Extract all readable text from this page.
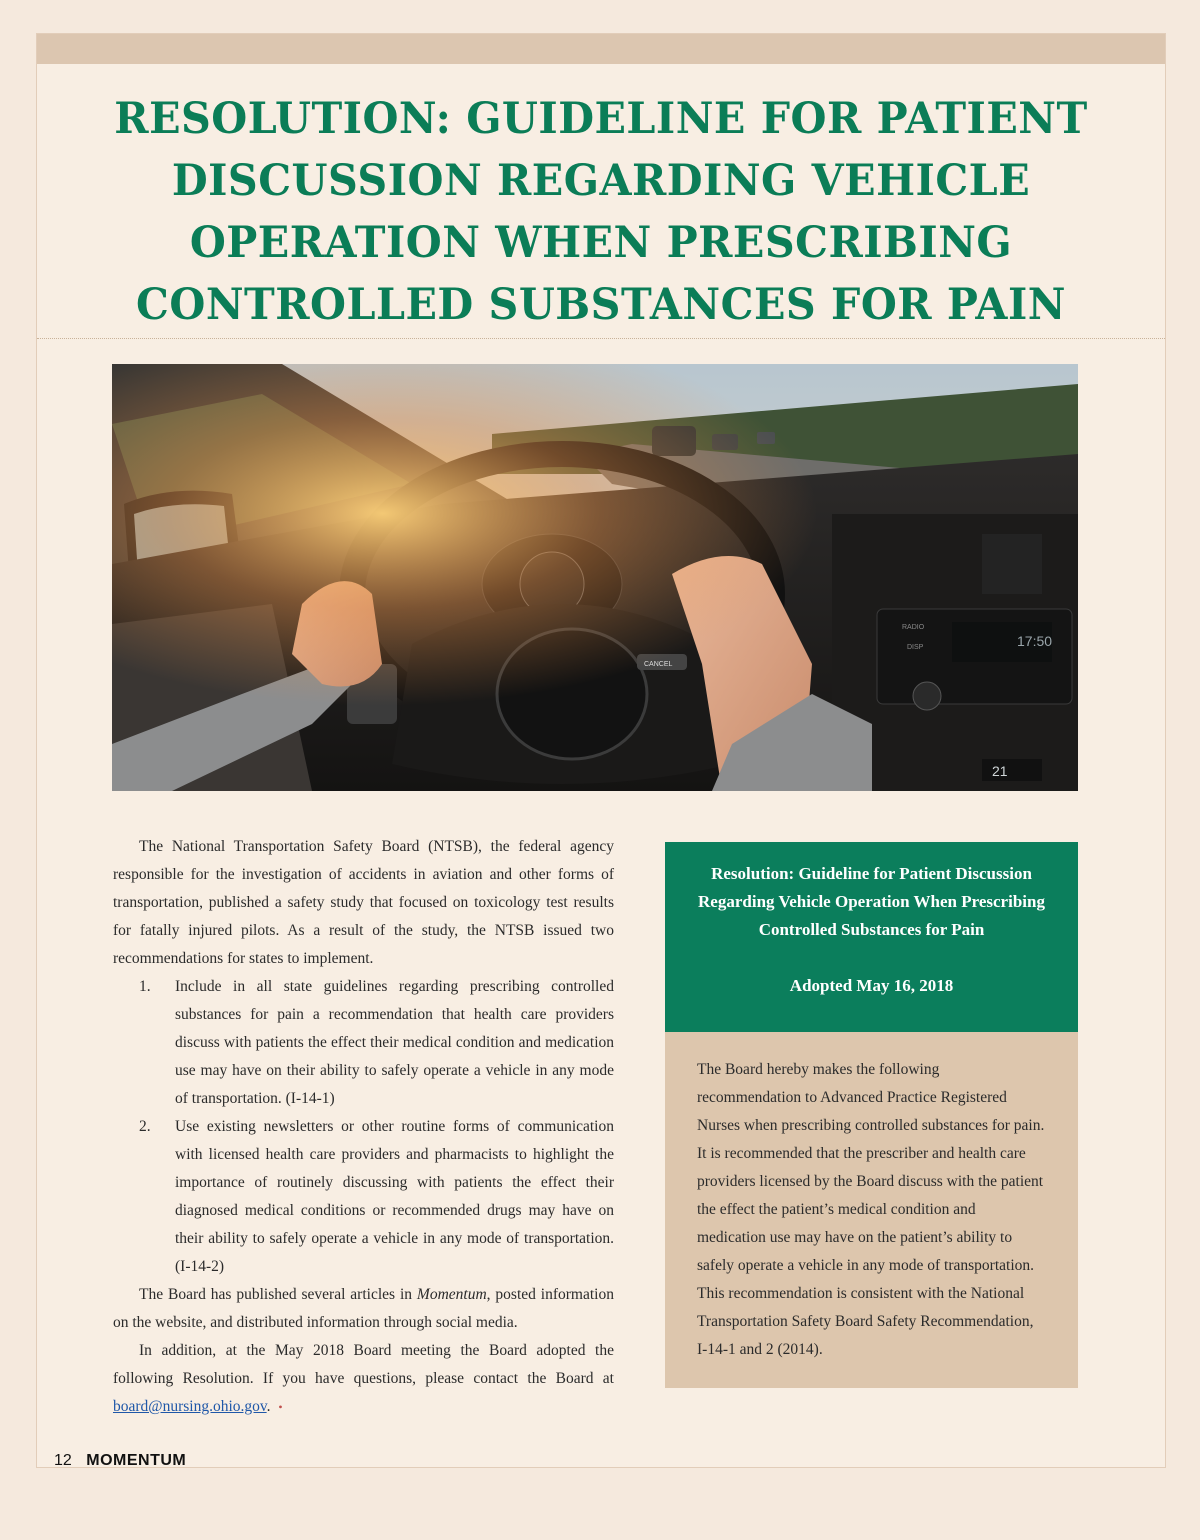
RESOLUTION: GUIDELINE FOR PATIENT DISCUSSION REGARDING VEHICLE OPERATION WHEN PRESCRIBING CONTROLLED SUBSTANCES FOR PAIN

The National Transportation Safety Board (NTSB), the federal agency responsible for the investigation of accidents in aviation and other forms of transportation, published a safety study that focused on toxicology test results for fatally injured pilots. As a result of the study, the NTSB issued two recommendations for states to implement.

1. Include in all state guidelines regarding prescribing controlled substances for pain a recommendation that health care providers discuss with patients the effect their medical condition and medication use may have on their ability to safely operate a vehicle in any mode of transportation. (I-14-1)
2. Use existing newsletters or other routine forms of communication with licensed health care providers and pharmacists to highlight the importance of routinely discussing with patients the effect their diagnosed medical conditions or recommended drugs may have on their ability to safely operate a vehicle in any mode of transportation. (I-14-2)

The Board has published several articles in Momentum, posted information on the website, and distributed information through social media.

In addition, at the May 2018 Board meeting the Board adopted the following Resolution. If you have questions, please contact the Board at board@nursing.ohio.gov. •

Resolution: Guideline for Patient Discussion Regarding Vehicle Operation When Prescribing Controlled Substances for Pain
Adopted May 16, 2018
The Board hereby makes the following recommendation to Advanced Practice Registered Nurses when prescribing controlled substances for pain. It is recommended that the prescriber and health care providers licensed by the Board discuss with the patient the effect the patient’s medical condition and medication use may have on the patient’s ability to safely operate a vehicle in any mode of transportation. This recommendation is consistent with the National Transportation Safety Board Safety Recommendation, I-14-1 and 2 (2014).
12 MOMENTUM
